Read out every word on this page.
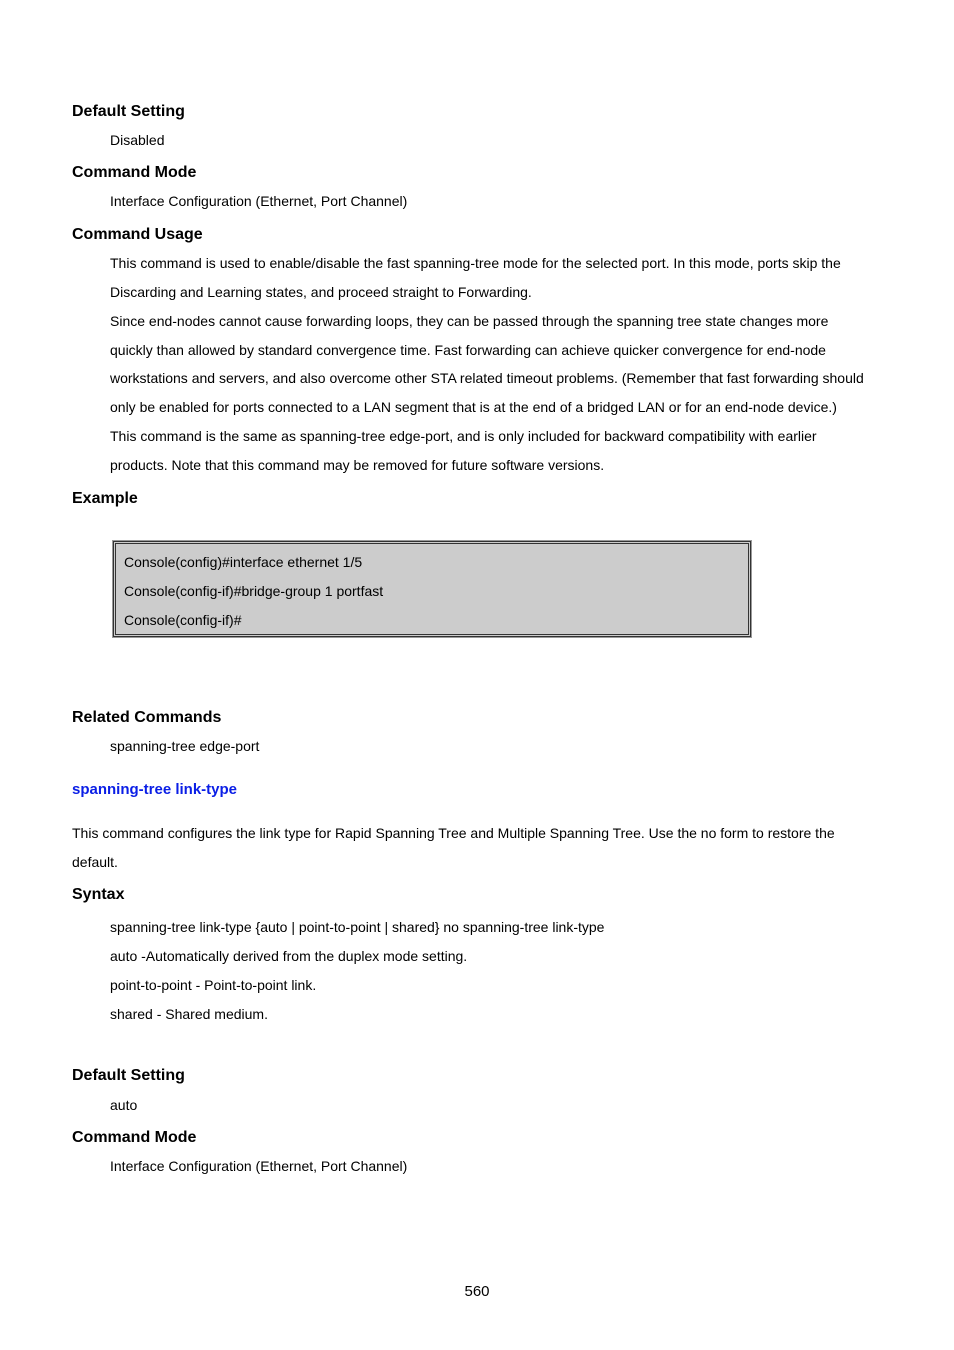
Default Setting
Disabled
Command Mode
Interface Configuration (Ethernet, Port Channel)
Command Usage
This command is used to enable/disable the fast spanning-tree mode for the selected port. In this mode, ports skip the
Discarding and Learning states, and proceed straight to Forwarding.
Since end-nodes cannot cause forwarding loops, they can be passed through the spanning tree state changes more
quickly than allowed by standard convergence time. Fast forwarding can achieve quicker convergence for end-node
workstations and servers, and also overcome other STA related timeout problems. (Remember that fast forwarding should
only be enabled for ports connected to a LAN segment that is at the end of a bridged LAN or for an end-node device.)
This command is the same as spanning-tree edge-port, and is only included for backward compatibility with earlier
products. Note that this command may be removed for future software versions.
Example
Console(config)#interface ethernet 1/5
Console(config-if)#bridge-group 1 portfast
Console(config-if)#
Related Commands
spanning-tree edge-port
spanning-tree link-type
This command configures the link type for Rapid Spanning Tree and Multiple Spanning Tree. Use the no form to restore the
default.
Syntax
spanning-tree link-type {auto | point-to-point | shared} no spanning-tree link-type
auto -Automatically derived from the duplex mode setting.
point-to-point - Point-to-point link.
shared - Shared medium.
Default Setting
auto
Command Mode
Interface Configuration (Ethernet, Port Channel)
560
